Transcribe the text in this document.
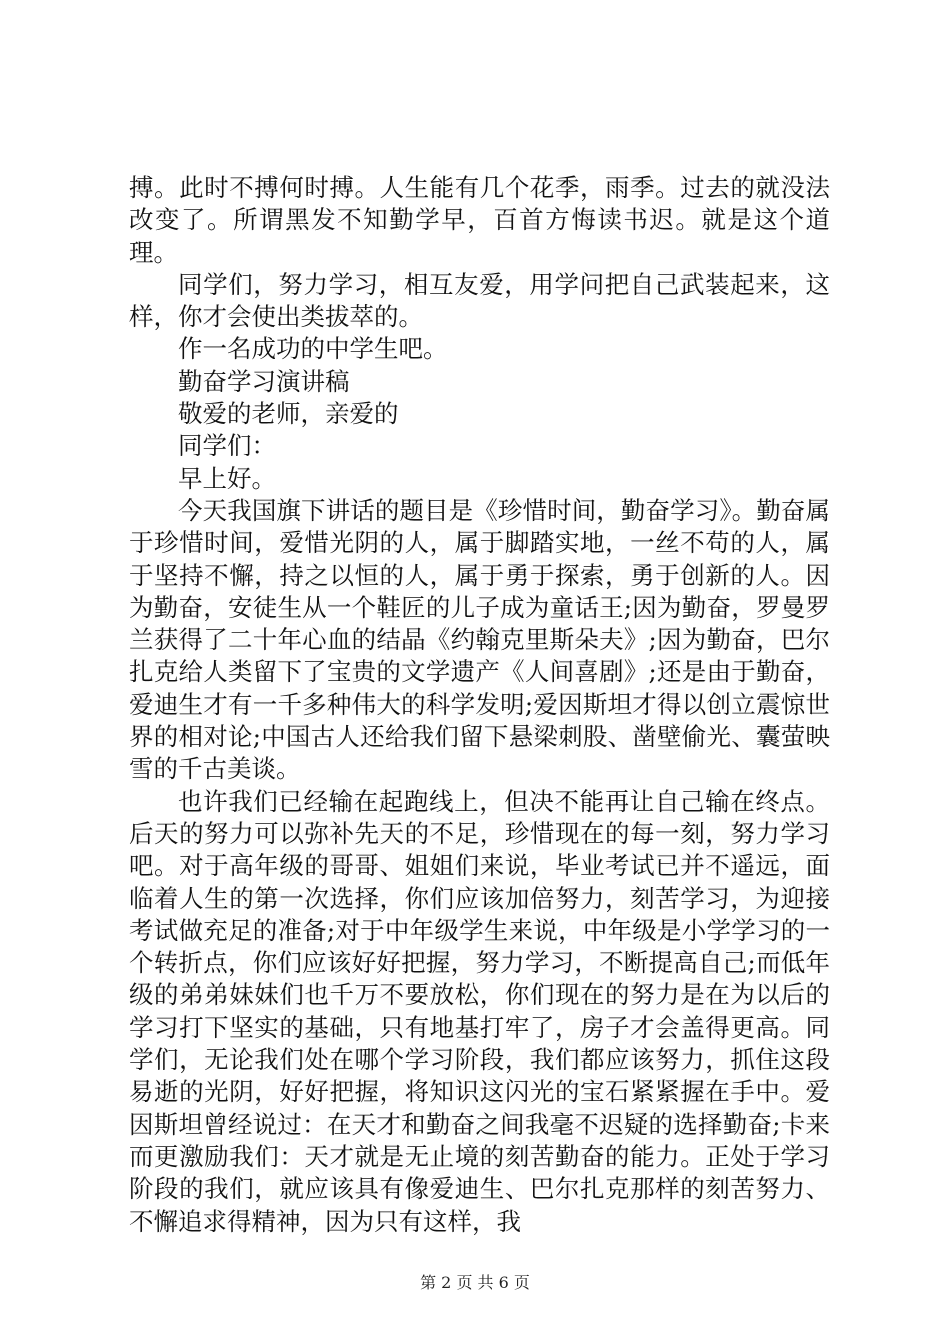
搏。此时不搏何时搏。人生能有几个花季，雨季。过去的就没法改变了。所谓黑发不知勤学早，百首方悔读书迟。就是这个道理。

同学们，努力学习，相互友爱，用学问把自己武装起来，这样，你才会使出类拔萃的。

作一名成功的中学生吧。

勤奋学习演讲稿

敬爱的老师，亲爱的

同学们：

早上好。

今天我国旗下讲话的题目是《珍惜时间，勤奋学习》。勤奋属于珍惜时间，爱惜光阴的人，属于脚踏实地，一丝不苟的人，属于坚持不懈，持之以恒的人，属于勇于探索，勇于创新的人。因为勤奋，安徒生从一个鞋匠的儿子成为童话王;因为勤奋，罗曼罗兰获得了二十年心血的结晶《约翰克里斯朵夫》;因为勤奋，巴尔扎克给人类留下了宝贵的文学遗产《人间喜剧》;还是由于勤奋，爱迪生才有一千多种伟大的科学发明;爱因斯坦才得以创立震惊世界的相对论;中国古人还给我们留下悬梁刺股、凿壁偷光、囊萤映雪的千古美谈。

也许我们已经输在起跑线上，但决不能再让自己输在终点。后天的努力可以弥补先天的不足，珍惜现在的每一刻，努力学习吧。对于高年级的哥哥、姐姐们来说，毕业考试已并不遥远，面临着人生的第一次选择，你们应该加倍努力，刻苦学习，为迎接考试做充足的准备;对于中年级学生来说，中年级是小学学习的一个转折点，你们应该好好把握，努力学习，不断提高自己;而低年级的弟弟妹妹们也千万不要放松，你们现在的努力是在为以后的学习打下坚实的基础，只有地基打牢了，房子才会盖得更高。同学们，无论我们处在哪个学习阶段，我们都应该努力，抓住这段易逝的光阴，好好把握，将知识这闪光的宝石紧紧握在手中。爱因斯坦曾经说过：在天才和勤奋之间我毫不迟疑的选择勤奋;卡来而更激励我们：天才就是无止境的刻苦勤奋的能力。正处于学习阶段的我们，就应该具有像爱迪生、巴尔扎克那样的刻苦努力、不懈追求得精神，因为只有这样，我

第 2 页 共 6 页
